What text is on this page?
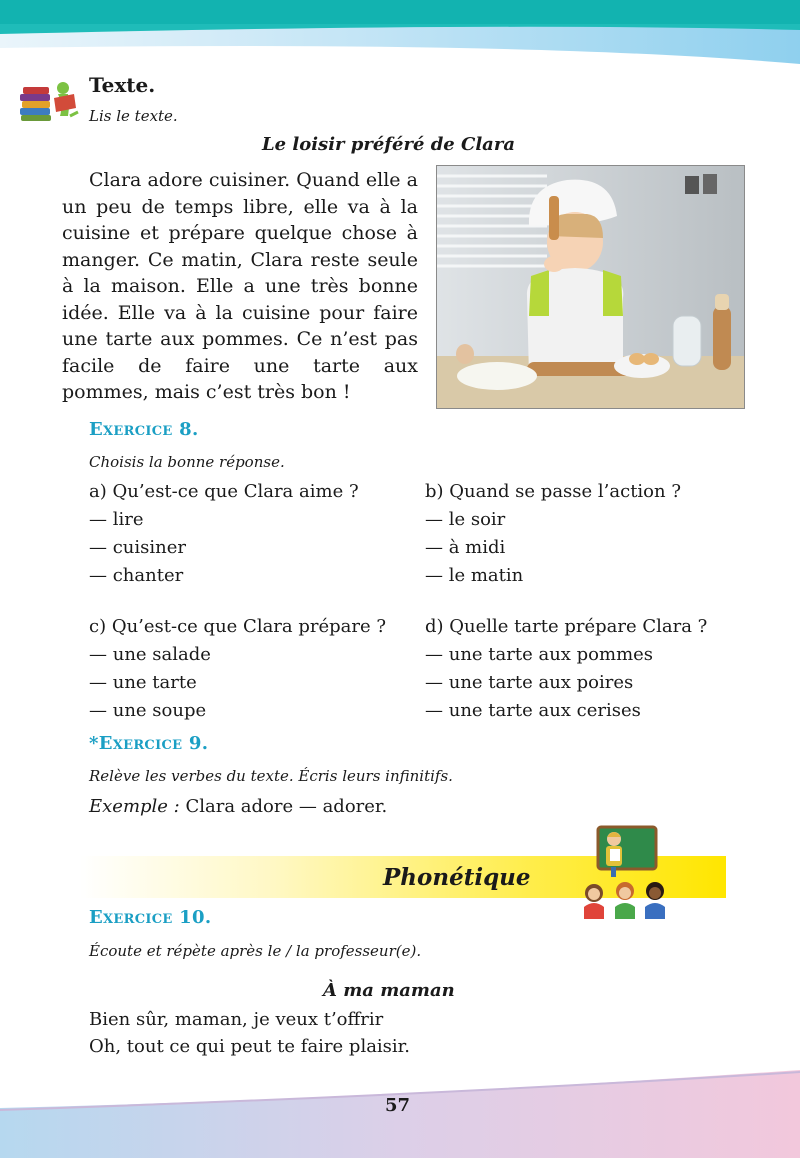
Texte.
Lis le texte.
Le loisir préféré de Clara

Clara adore cuisiner. Quand elle a un peu de temps libre, elle va à la cuisine et prépare quelque chose à manger. Ce matin, Clara reste seule à la maison. Elle a une très bonne idée. Elle va à la cuisine pour faire une tarte aux pommes. Ce n’est pas facile de faire une tarte aux pommes, mais c’est très bon !

Exercice 8.
Choisis la bonne réponse.
a) Qu’est-ce que Clara aime ?
— lire
— cuisiner
— chanter
b) Quand se passe l’action ?
— le soir
— à midi
— le matin
c) Qu’est-ce que Clara prépare ?
— une salade
— une tarte
— une soupe
d) Quelle tarte prépare Clara ?
— une tarte aux pommes
— une tarte aux poires
— une tarte aux cerises
*Exercice 9.
Relève les verbes du texte. Écris leurs infinitifs.
Exemple : Clara adore — adorer.
Phonétique
Exercice 10.
Écoute et répète après le / la professeur(e).
À ma maman
Bien sûr, maman, je veux t’offrir
Oh, tout ce qui peut te faire plaisir.
57
